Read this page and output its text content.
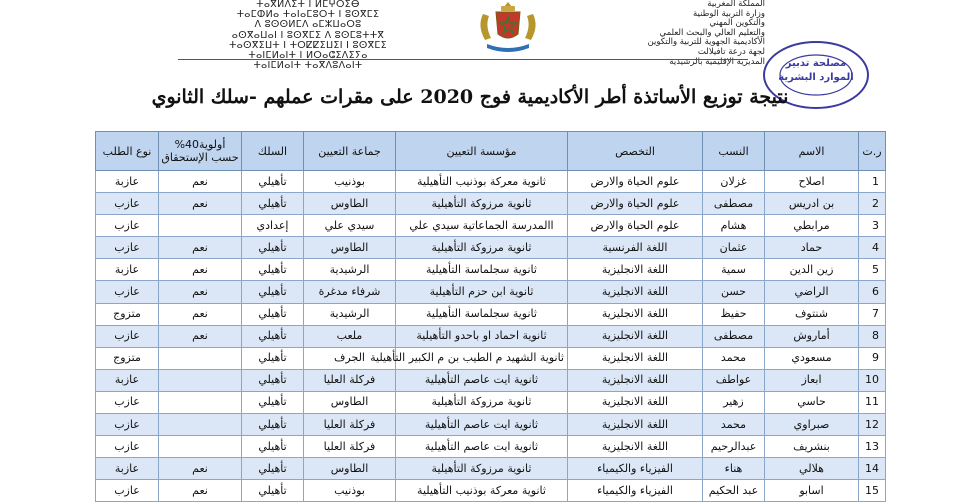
ⵜⴰⴳⵍⴷⵉⵜ ⵏ ⵍⵎⵖⵔⵉⴱ
ⵜⴰⵎⵀⵍⴰ ⵜⴰⵏⴰⵎⵓⵔⵜ ⵏ ⵓⵙⴳⵎⵉ
ⴷ ⵓⵙⵙⵍⵎⴷ ⴰⵎⵣⵡⴰⵔⵓ
ⴰⵙⴳⴰⵡⴰⵏ ⵏ ⵓⵙⴳⵎⵉ ⴷ ⵓⵙⵎⵓⵜⵜⴳ
ⵜⴰⵙⴳⵉⵡⵜ ⵏ ⵜⵔⵇⵇⵉⵡⵉⵏ ⵏ ⵓⵙⴳⵎⵉ
ⵜⴰⵏⵎⵍⴰⵏⵜ ⵏ ⵍⵔⴰⵛⵉⴷⵉⵢⴰ
ⵜⴰⵏⵎⵍⴰⵏⵜ ⵜⴰⴳⴷⵓⴷⴰⵏⵜ
المملكة المغربية
وزارة التربية الوطنية
والتكوين المهني
والتعليم العالي والبحث العلمي
الأكاديمية الجهوية للتربية والتكوين
لجهة درعة تافيلالت
المديرية الإقليمية بالرشيدية	مصلحة تدبير
الموارد البشرية
نتيجة توزيع الأساتذة أطر الأكاديمية فوج 2020 على مقرات عملهم -سلك الثانوي
ر.ت	الاسم	النسب	التخصص	مؤسسة التعيين	جماعة التعيين	السلك	أولوية40% حسب الإستحقاق	نوع الطلب
1	اصلاح	غزلان	علوم الحياة والارض	ثانوية معركة بوذنيب التأهيلية	بوذنيب	تأهيلي	نعم	عازبة
2	بن ادريس	مصطفى	علوم الحياة والارض	ثانوية مرزوكة التأهيلية	الطاوس	تأهيلي	نعم	عازب
3	مرابطي	هشام	علوم الحياة والارض	االمدرسة الجماعاتية سيدي علي	سيدي علي	إعدادي		عازب
4	حماد	عثمان	اللغة الفرنسية	ثانوية مرزوكة التأهيلية	الطاوس	تأهيلي	نعم	عازب
5	زين الدين	سمية	اللغة الانجليزية	ثانوية سجلماسة التأهيلية	الرشيدية	تأهيلي	نعم	عازبة
6	الراضي	حسن	اللغة الانجليزية	ثانوية ابن حزم التأهيلية	شرفاء مدغرة	تأهيلي	نعم	عازب
7	شنتوف	حفيظ	اللغة الانجليزية	ثانوية سجلماسة التأهيلية	الرشيدية	تأهيلي	نعم	متزوج
8	أماروش	مصطفى	اللغة الانجليزية	ثانوية احماد او باحدو التأهيلية	ملعب	تأهيلي	نعم	عازب
9	مسعودي	محمد	اللغة الانجليزية	ثانوية الشهيد م الطيب بن م الكبير التأهيلية	الجرف	تأهيلي		متزوج
10	ابعاز	عواطف	اللغة الانجليزية	ثانوية ايت عاصم التأهيلية	فركلة العليا	تأهيلي		عازبة
11	حاسي	زهير	اللغة الانجليزية	ثانوية مرزوكة التأهيلية	الطاوس	تأهيلي		عازب
12	صبراوي	محمد	اللغة الانجليزية	ثانوية ايت عاصم التأهيلية	فركلة العليا	تأهيلي		عازب
13	بنشريف	عبدالرحيم	اللغة الانجليزية	ثانوية ايت عاصم التأهيلية	فركلة العليا	تأهيلي		عازب
14	هلالي	هناء	الفيزياء والكيمياء	ثانوية مرزوكة التأهيلية	الطاوس	تأهيلي	نعم	عازبة
15	اسابو	عبد الحكيم	الفيزياء والكيمياء	ثانوية معركة بوذنيب التأهيلية	بوذنيب	تأهيلي	نعم	عازب
